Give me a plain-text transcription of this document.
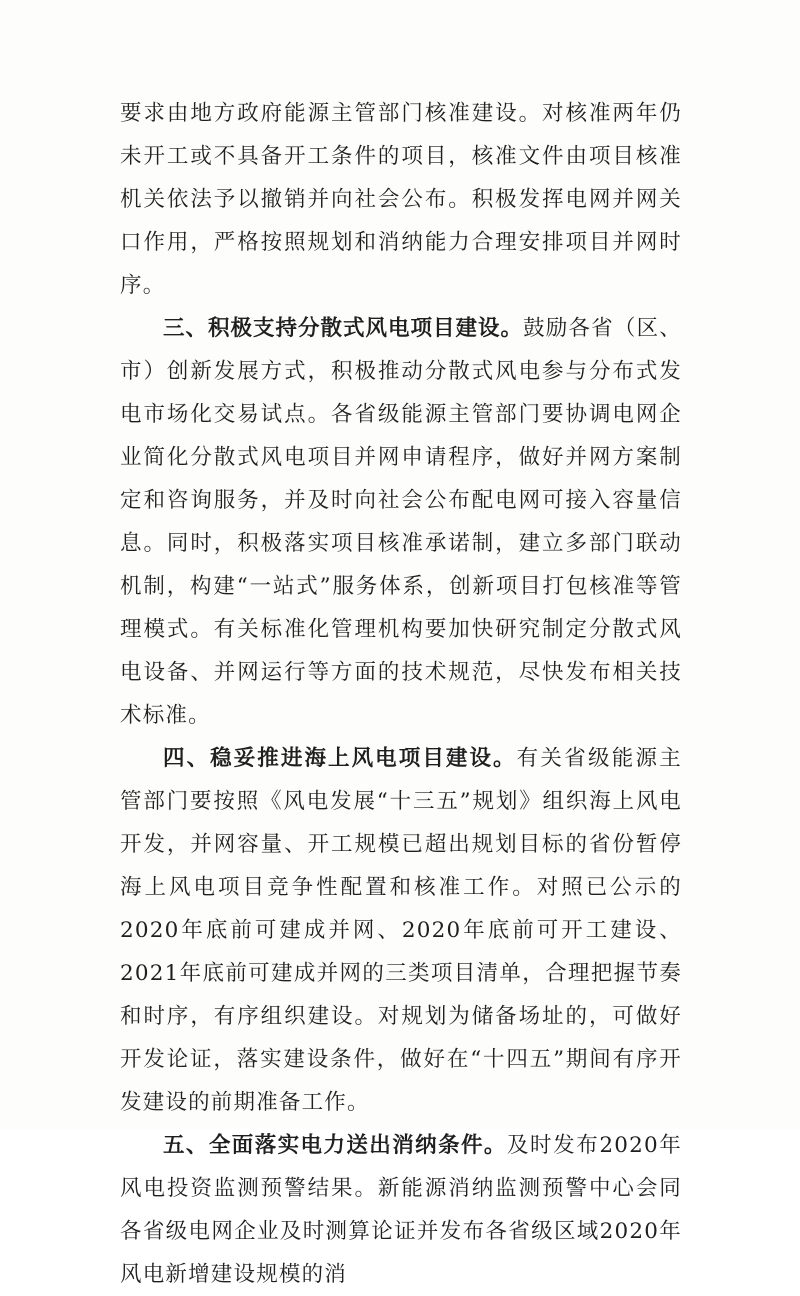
要求由地方政府能源主管部门核准建设。对核准两年仍未开工或不具备开工条件的项目，核准文件由项目核准机关依法予以撤销并向社会公布。积极发挥电网并网关口作用，严格按照规划和消纳能力合理安排项目并网时序。

三、积极支持分散式风电项目建设。鼓励各省（区、市）创新发展方式，积极推动分散式风电参与分布式发电市场化交易试点。各省级能源主管部门要协调电网企业简化分散式风电项目并网申请程序，做好并网方案制定和咨询服务，并及时向社会公布配电网可接入容量信息。同时，积极落实项目核准承诺制，建立多部门联动机制，构建“一站式”服务体系，创新项目打包核准等管理模式。有关标准化管理机构要加快研究制定分散式风电设备、并网运行等方面的技术规范，尽快发布相关技术标准。

四、稳妥推进海上风电项目建设。有关省级能源主管部门要按照《风电发展“十三五”规划》组织海上风电开发，并网容量、开工规模已超出规划目标的省份暂停海上风电项目竞争性配置和核准工作。对照已公示的2020年底前可建成并网、2020年底前可开工建设、2021年底前可建成并网的三类项目清单，合理把握节奏和时序，有序组织建设。对规划为储备场址的，可做好开发论证，落实建设条件，做好在“十四五”期间有序开发建设的前期准备工作。

五、全面落实电力送出消纳条件。及时发布2020年风电投资监测预警结果。新能源消纳监测预警中心会同各省级电网企业及时测算论证并发布各省级区域2020年风电新增建设规模的消
